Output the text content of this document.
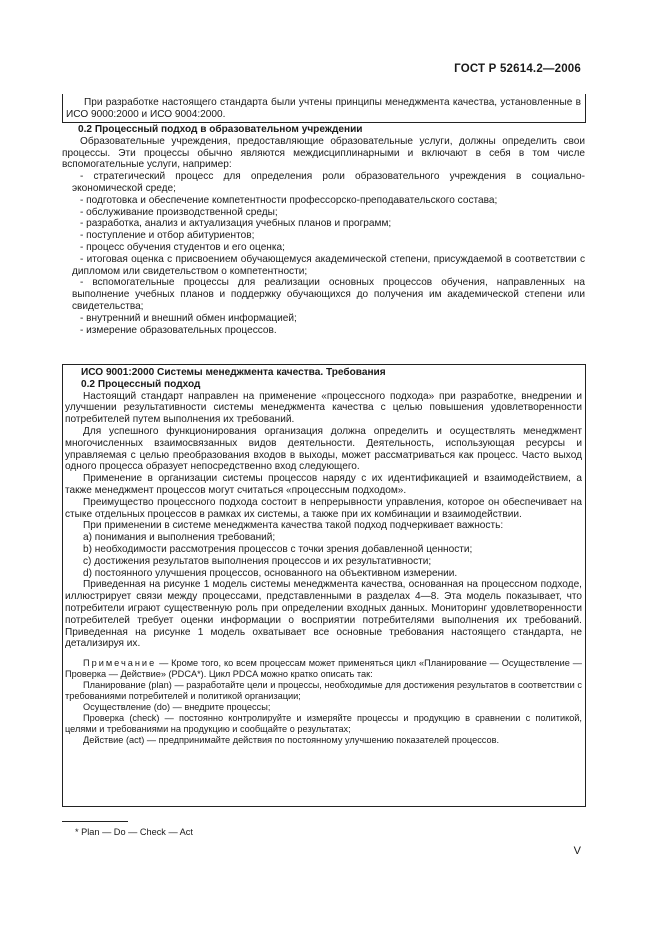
ГОСТ Р 52614.2—2006

При разработке настоящего стандарта были учтены принципы менеджмента качества, установленные в ИСО 9000:2000 и ИСО 9004:2000.

0.2 Процессный подход в образовательном учреждении

Образовательные учреждения, предоставляющие образовательные услуги, должны определить свои процессы. Эти процессы обычно являются междисциплинарными и включают в себя в том числе вспомогательные услуги, например:

- стратегический процесс для определения роли образовательного учреждения в социально-экономической среде;

- подготовка и обеспечение компетентности профессорско-преподавательского состава;

- обслуживание производственной среды;

- разработка, анализ и актуализация учебных планов и программ;

- поступление и отбор абитуриентов;

- процесс обучения студентов и его оценка;

- итоговая оценка с присвоением обучающемуся академической степени, присуждаемой в соответствии с дипломом или свидетельством о компетентности;

- вспомогательные процессы для реализации основных процессов обучения, направленных на выполнение учебных планов и поддержку обучающихся до получения им академической степени или свидетельства;

- внутренний и внешний обмен информацией;

- измерение образовательных процессов.

ИСО 9001:2000 Системы менеджмента качества. Требования

0.2 Процессный подход

Настоящий стандарт направлен на применение «процессного подхода» при разработке, внедрении и улучшении результативности системы менеджмента качества с целью повышения удовлетворенности потребителей путем выполнения их требований.

Для успешного функционирования организация должна определить и осуществлять менеджмент многочисленных взаимосвязанных видов деятельности. Деятельность, использующая ресурсы и управляемая с целью преобразования входов в выходы, может рассматриваться как процесс. Часто выход одного процесса образует непосредственно вход следующего.

Применение в организации системы процессов наряду с их идентификацией и взаимодействием, а также менеджмент процессов могут считаться «процессным подходом».

Преимущество процессного подхода состоит в непрерывности управления, которое он обеспечивает на стыке отдельных процессов в рамках их системы, а также при их комбинации и взаимодействии.

При применении в системе менеджмента качества такой подход подчеркивает важность:

a) понимания и выполнения требований;

b) необходимости рассмотрения процессов с точки зрения добавленной ценности;

c) достижения результатов выполнения процессов и их результативности;

d) постоянного улучшения процессов, основанного на объективном измерении.

Приведенная на рисунке 1 модель системы менеджмента качества, основанная на процессном подходе, иллюстрирует связи между процессами, представленными в разделах 4—8. Эта модель показывает, что потребители играют существенную роль при определении входных данных. Мониторинг удовлетворенности потребителей требует оценки информации о восприятии потребителями выполнения их требований. Приведенная на рисунке 1 модель охватывает все основные требования настоящего стандарта, не детализируя их.

Примечание — Кроме того, ко всем процессам может применяться цикл «Планирование — Осуществление — Проверка — Действие» (PDCA*). Цикл PDCA можно кратко описать так:

Планирование (plan) — разработайте цели и процессы, необходимые для достижения результатов в соответствии с требованиями потребителей и политикой организации;

Осуществление (do) — внедрите процессы;

Проверка (check) — постоянно контролируйте и измеряйте процессы и продукцию в сравнении с политикой, целями и требованиями на продукцию и сообщайте о результатах;

Действие (act) — предпринимайте действия по постоянному улучшению показателей процессов.

* Plan — Do — Check — Act
V
